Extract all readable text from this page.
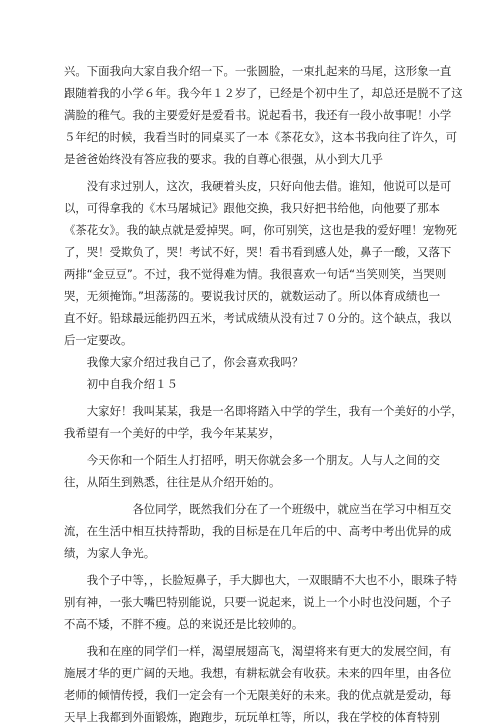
兴。下面我向大家自我介绍一下。一张圆脸，一束扎起来的马尾，这形象一直
跟随着我的小学６年。我今年１２岁了，已经是个初中生了，却总还是脱不了这
满脸的稚气。我的主要爱好是爱看书。说起看书，我还有一段小故事呢！小学
５年纪的时候，我看当时的同桌买了一本《茶花女》，这本书我向往了许久，可
是爸爸始终没有答应我的要求。我的自尊心很强，从小到大几乎

　　没有求过别人，这次，我硬着头皮，只好向他去借。谁知，他说可以是可
以，可得拿我的《木马屠城记》跟他交换，我只好把书给他，向他要了那本
《茶花女》。我的缺点就是爱掉哭。呵，你可别笑，这也是我的爱好哩！宠物死
了，哭！受欺负了，哭！考试不好，哭！看书看到感人处，鼻子一酸，又落下
两排“金豆豆”。不过，我不觉得难为情。我很喜欢一句话“当笑则笑，当哭则
哭，无须掩饰。”坦荡荡的。要说我讨厌的，就数运动了。所以体育成绩也一
直不好。铅球最远能扔四五米，考试成绩从没有过７０分的。这个缺点，我以
后一定要改。

　　我像大家介绍过我自己了，你会喜欢我吗？

　　初中自我介绍１５

　　大家好！我叫某某，我是一名即将踏入中学的学生，我有一个美好的小学，
我希望有一个美好的中学，我今年某某岁，

　　今天你和一个陌生人打招呼，明天你就会多一个朋友。人与人之间的交
往，从陌生到熟悉，往往是从介绍开始的。

　　　　　　各位同学，既然我们分在了一个班级中，就应当在学习中相互交
流，在生活中相互扶持帮助，我的目标是在几年后的中、高考中考出优异的成
绩，为家人争光。

　　我个子中等，，长脸短鼻子，手大脚也大，一双眼睛不大也不小，眼珠子特
别有神，一张大嘴巴特别能说，只要一说起来，说上一个小时也没问题，个子
不高不矮，不胖不瘦。总的来说还是比较帅的。

　　我和在座的同学们一样，渴望展翅高飞，渴望将来有更大的发展空间，有
施展才华的更广阔的天地。我想，有耕耘就会有收获。未来的四年里，由各位
老师的倾情传授，我们一定会有一个无限美好的未来。我的优点就是爱动，每
天早上我都到外面锻炼，跑跑步，玩玩单杠等，所以，我在学校的体育特别
